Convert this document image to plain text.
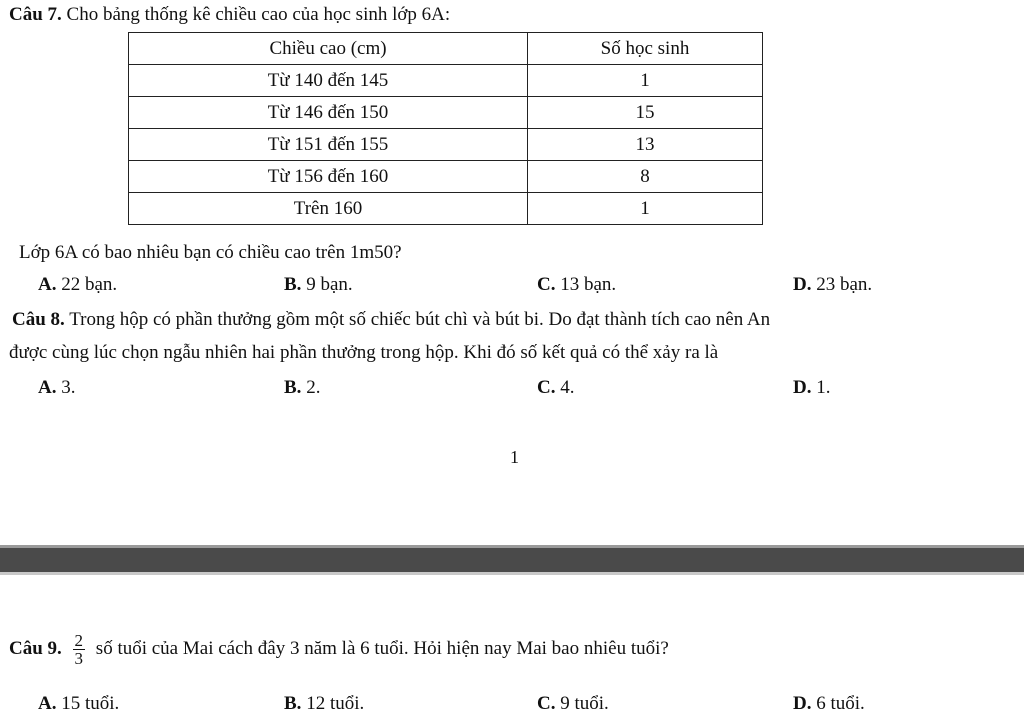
Câu 7. Cho bảng thống kê chiều cao của học sinh lớp 6A:
Chiều cao (cm)	Số học sinh
Từ 140 đến 145	1
Từ 146 đến 150	15
Từ 151 đến 155	13
Từ 156 đến 160	8
Trên 160	1
Lớp 6A có bao nhiêu bạn có chiều cao trên 1m50?
A. 22 bạn.	B. 9 bạn.	C. 13 bạn.	D. 23 bạn.
Câu 8. Trong hộp có phần thưởng gồm một số chiếc bút chì và bút bi. Do đạt thành tích cao nên An
được cùng lúc chọn ngẫu nhiên hai phần thưởng trong hộp. Khi đó số kết quả có thể xảy ra là
A. 3.	B. 2.	C. 4.	D. 1.
1
Câu 9. $\frac{2}{3}$ số tuổi của Mai cách đây 3 năm là 6 tuổi. Hỏi hiện nay Mai bao nhiêu tuổi?
A. 15 tuổi.	B. 12 tuổi.	C. 9 tuổi.	D. 6 tuổi.
